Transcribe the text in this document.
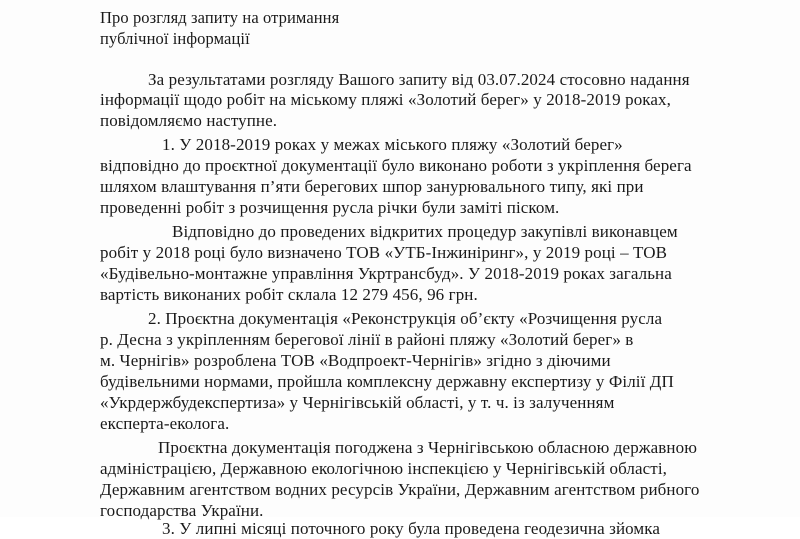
Про розгляд запиту на отримання
публічної інформації
За результатами розгляду Вашого запиту від 03.07.2024 стосовно надання
інформації щодо робіт на міському пляжі «Золотий берег» у 2018-2019 роках,
повідомляємо наступне.
1. У 2018-2019 роках у межах міського пляжу «Золотий берег»
відповідно до проєктної документації було виконано роботи з укріплення берега
шляхом влаштування п’яти берегових шпор занурювального типу, які при
проведенні робіт з розчищення русла річки були заміті піском.
Відповідно до проведених відкритих процедур закупівлі виконавцем
робіт у 2018 році було визначено ТОВ «УТБ-Інжиніринг», у 2019 році – ТОВ
«Будівельно-монтажне управління Укртрансбуд». У 2018-2019 роках загальна
вартість виконаних робіт склала 12 279 456, 96 грн.
2. Проєктна документація «Реконструкція об’єкту «Розчищення русла
р. Десна з укріпленням берегової лінії в районі пляжу «Золотий берег» в
м. Чернігів» розроблена ТОВ «Водпроект-Чернігів» згідно з діючими
будівельними нормами, пройшла комплексну державну експертизу у Філії ДП
«Укрдержбудекспертиза» у Чернігівській області, у т. ч. із залученням
експерта-еколога.
Проєктна документація погоджена з Чернігівською обласною державною
адміністрацією, Державною екологічною інспекцією у Чернігівській області,
Державним агентством водних ресурсів України, Державним агентством рибного
господарства України.
3. У липні місяці поточного року була проведена геодезична зйомка
